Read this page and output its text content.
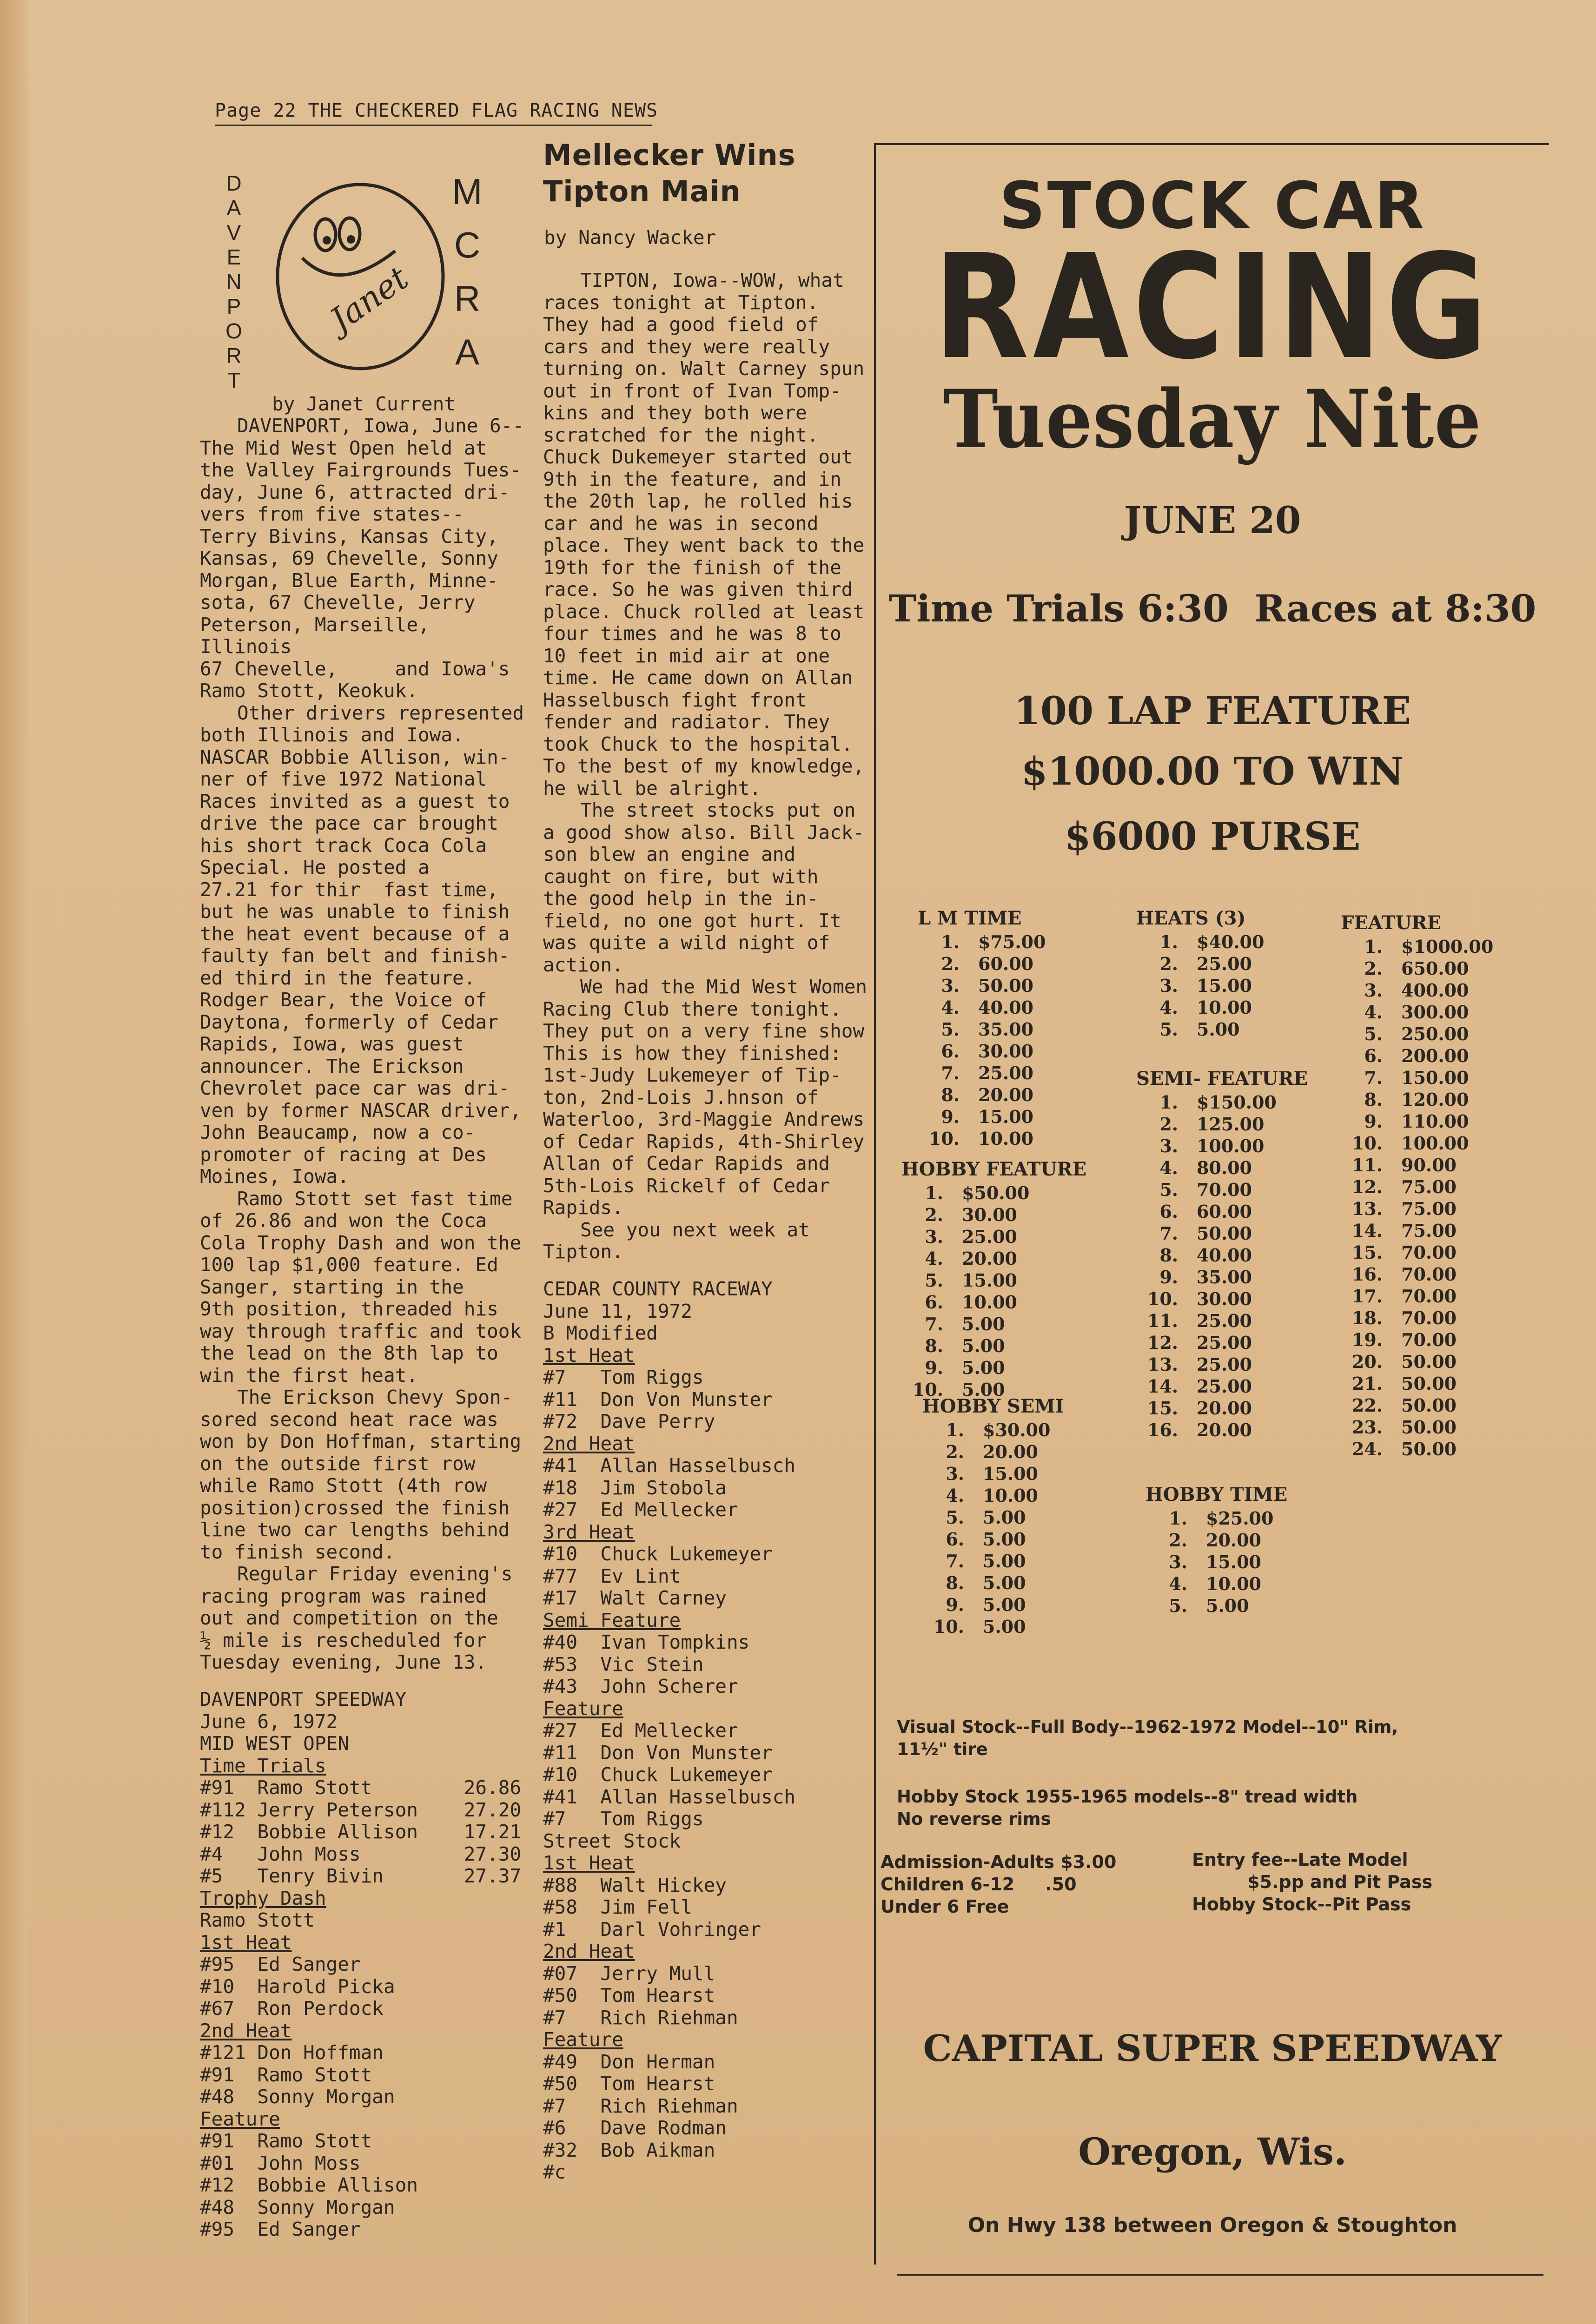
Page 22 THE CHECKERED FLAG RACING NEWS
D
A
V
E
N
P
O
R
T
M
C
R
A
Janet
by Janet Current

DAVENPORT, Iowa, June 6--
The Mid West Open held at
the Valley Fairgrounds Tues-
day, June 6, attracted dri-
vers from five states--
Terry Bivins, Kansas City,
Kansas, 69 Chevelle, Sonny
Morgan, Blue Earth, Minne-
sota, 67 Chevelle, Jerry
Peterson, Marseille, Illinois
67 Chevelle,     and Iowa's
Ramo Stott, Keokuk.

Other drivers represented
both Illinois and Iowa.
NASCAR Bobbie Allison, win-
ner of five 1972 National
Races invited as a guest to
drive the pace car brought
his short track Coca Cola
Special. He posted a
27.21 for thir  fast time,
but he was unable to finish
the heat event because of a
faulty fan belt and finish-
ed third in the feature.
Rodger Bear, the Voice of
Daytona, formerly of Cedar
Rapids, Iowa, was guest
announcer. The Erickson
Chevrolet pace car was dri-
ven by former NASCAR driver,
John Beaucamp, now a co-
promoter of racing at Des
Moines, Iowa.

Ramo Stott set fast time
of 26.86 and won the Coca
Cola Trophy Dash and won the
100 lap $1,000 feature. Ed
Sanger, starting in the
9th position, threaded his
way through traffic and took
the lead on the 8th lap to
win the first heat.

The Erickson Chevy Spon-
sored second heat race was
won by Don Hoffman, starting
on the outside first row
while Ramo Stott (4th row
position)crossed the finish
line two car lengths behind
to finish second.

Regular Friday evening's
racing program was rained
out and competition on the
½ mile is rescheduled for
Tuesday evening, June 13.

DAVENPORT SPEEDWAY
June 6, 1972
MID WEST OPEN
Time Trials
#91  Ramo Stott        26.86
#112 Jerry Peterson    27.20
#12  Bobbie Allison    17.21
#4   John Moss         27.30
#5   Tenry Bivin       27.37
Trophy Dash
Ramo Stott
1st Heat
#95  Ed Sanger
#10  Harold Picka
#67  Ron Perdock
2nd Heat
#121 Don Hoffman
#91  Ramo Stott
#48  Sonny Morgan
Feature
#91  Ramo Stott
#01  John Moss
#12  Bobbie Allison
#48  Sonny Morgan
#95  Ed Sanger
Mellecker Wins
Tipton Main
by Nancy Wacker

TIPTON, Iowa--WOW, what
races tonight at Tipton.
They had a good field of
cars and they were really
turning on. Walt Carney spun
out in front of Ivan Tomp-
kins and they both were
scratched for the night.
Chuck Dukemeyer started out
9th in the feature, and in
the 20th lap, he rolled his
car and he was in second
place. They went back to the
19th for the finish of the
race. So he was given third
place. Chuck rolled at least
four times and he was 8 to
10 feet in mid air at one
time. He came down on Allan
Hasselbusch fight front
fender and radiator. They
took Chuck to the hospital.
To the best of my knowledge,
he will be alright.

The street stocks put on
a good show also. Bill Jack-
son blew an engine and
caught on fire, but with
the good help in the in-
field, no one got hurt. It
was quite a wild night of
action.

We had the Mid West Women
Racing Club there tonight.
They put on a very fine show
This is how they finished:
1st-Judy Lukemeyer of Tip-
ton, 2nd-Lois J.hnson of
Waterloo, 3rd-Maggie Andrews
of Cedar Rapids, 4th-Shirley
Allan of Cedar Rapids and
5th-Lois Rickelf of Cedar
Rapids.

See you next week at
Tipton.

CEDAR COUNTY RACEWAY
June 11, 1972
B Modified
1st Heat
#7   Tom Riggs
#11  Don Von Munster
#72  Dave Perry
2nd Heat
#41  Allan Hasselbusch
#18  Jim Stobola
#27  Ed Mellecker
3rd Heat
#10  Chuck Lukemeyer
#77  Ev Lint
#17  Walt Carney
Semi Feature
#40  Ivan Tompkins
#53  Vic Stein
#43  John Scherer
Feature
#27  Ed Mellecker
#11  Don Von Munster
#10  Chuck Lukemeyer
#41  Allan Hasselbusch
#7   Tom Riggs
Street Stock
1st Heat
#88  Walt Hickey
#58  Jim Fell
#1   Darl Vohringer
2nd Heat
#07  Jerry Mull
#50  Tom Hearst
#7   Rich Riehman
Feature
#49  Don Herman
#50  Tom Hearst
#7   Rich Riehman
#6   Dave Rodman
#32  Bob Aikman
#c
STOCK CAR
RACING
Tuesday Nite
JUNE 20
Time Trials 6:30  Races at 8:30
100 LAP FEATURE
$1000.00 TO WIN
$6000 PURSE
L M TIME
1.	$75.00
2.	60.00
3.	50.00
4.	40.00
5.	35.00
6.	30.00
7.	25.00
8.	20.00
9.	15.00
10.	10.00
HEATS (3)
1.	$40.00
2.	25.00
3.	15.00
4.	10.00
5.	5.00
FEATURE
1.	$1000.00
2.	650.00
3.	400.00
4.	300.00
5.	250.00
6.	200.00
7.	150.00
8.	120.00
9.	110.00
10.	100.00
11.	90.00
12.	75.00
13.	75.00
14.	75.00
15.	70.00
16.	70.00
17.	70.00
18.	70.00
19.	70.00
20.	50.00
21.	50.00
22.	50.00
23.	50.00
24.	50.00
SEMI- FEATURE
1.	$150.00
2.	125.00
3.	100.00
4.	80.00
5.	70.00
6.	60.00
7.	50.00
8.	40.00
9.	35.00
10.	30.00
11.	25.00
12.	25.00
13.	25.00
14.	25.00
15.	20.00
16.	20.00
HOBBY FEATURE
1.	$50.00
2.	30.00
3.	25.00
4.	20.00
5.	15.00
6.	10.00
7.	5.00
8.	5.00
9.	5.00
10.	5.00
HOBBY SEMI
1.	$30.00
2.	20.00
3.	15.00
4.	10.00
5.	5.00
6.	5.00
7.	5.00
8.	5.00
9.	5.00
10.	5.00
HOBBY TIME
1.	$25.00
2.	20.00
3.	15.00
4.	10.00
5.	5.00
Visual Stock--Full Body--1962-1972 Model--10" Rim,
11½" tire
Hobby Stock 1955-1965 models--8" tread width
No reverse rims
Admission-Adults $3.00
Children 6-12     .50
Under 6 Free
Entry fee--Late Model
$5.pp and Pit Pass
Hobby Stock--Pit Pass
CAPITAL SUPER SPEEDWAY
Oregon, Wis.
On Hwy 138 between Oregon & Stoughton
